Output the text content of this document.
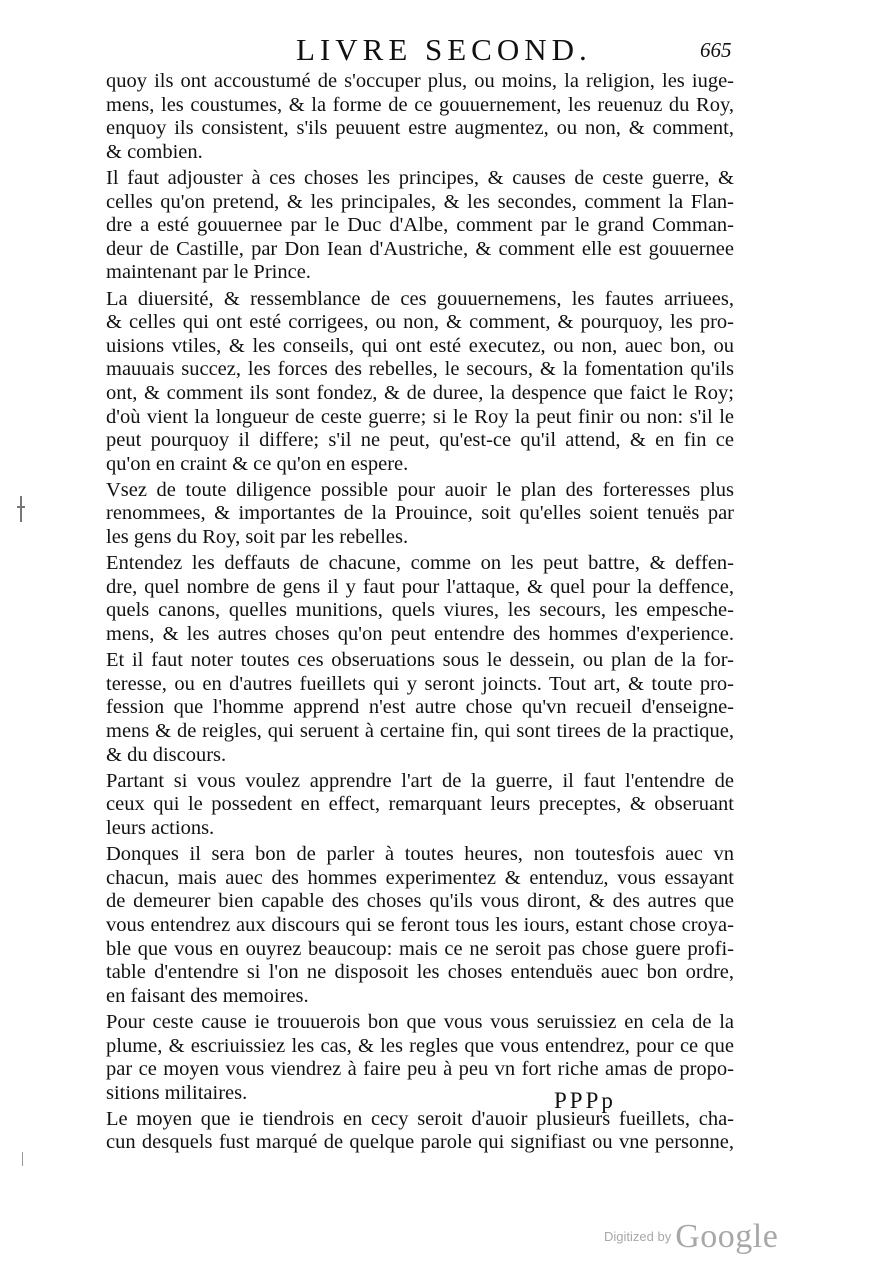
LIVRE SECOND.	665
quoy ils ont accoustumé de s'occuper plus, ou moins, la religion, les iuge-
mens, les coustumes, & la forme de ce gouuernement, les reuenuz du Roy,
enquoy ils consistent, s'ils peuuent estre augmentez, ou non, & comment,
& combien.
Il faut adjouster à ces choses les principes, & causes de ceste guerre, &
celles qu'on pretend, & les principales, & les secondes, comment la Flan-
dre a esté gouuernee par le Duc d'Albe, comment par le grand Comman-
deur de Castille, par Don Iean d'Austriche, & comment elle est gouuernee
maintenant par le Prince.
La diuersité, & ressemblance de ces gouuernemens, les fautes arriuees,
& celles qui ont esté corrigees, ou non, & comment, & pourquoy, les pro-
uisions vtiles, & les conseils, qui ont esté executez, ou non, auec bon, ou
mauuais succez, les forces des rebelles, le secours, & la fomentation qu'ils
ont, & comment ils sont fondez, & de duree, la despence que faict le Roy;
d'où vient la longueur de ceste guerre; si le Roy la peut finir ou non: s'il le
peut pourquoy il differe; s'il ne peut, qu'est-ce qu'il attend, & en fin ce
qu'on en craint & ce qu'on en espere.
Vsez de toute diligence possible pour auoir le plan des forteresses plus
renommees, & importantes de la Prouince, soit qu'elles soient tenuës par
les gens du Roy, soit par les rebelles.
Entendez les deffauts de chacune, comme on les peut battre, & deffen-
dre, quel nombre de gens il y faut pour l'attaque, & quel pour la deffence,
quels canons, quelles munitions, quels viures, les secours, les empesche-
mens, & les autres choses qu'on peut entendre des hommes d'experience.
Et il faut noter toutes ces obseruations sous le dessein, ou plan de la for-
teresse, ou en d'autres fueillets qui y seront joincts. Tout art, & toute pro-
fession que l'homme apprend n'est autre chose qu'vn recueil d'enseigne-
mens & de reigles, qui seruent à certaine fin, qui sont tirees de la practique,
& du discours.
Partant si vous voulez apprendre l'art de la guerre, il faut l'entendre de
ceux qui le possedent en effect, remarquant leurs preceptes, & obseruant
leurs actions.
Donques il sera bon de parler à toutes heures, non toutesfois auec vn
chacun, mais auec des hommes experimentez & entenduz, vous essayant
de demeurer bien capable des choses qu'ils vous diront, & des autres que
vous entendrez aux discours qui se feront tous les iours, estant chose croya-
ble que vous en ouyrez beaucoup: mais ce ne seroit pas chose guere profi-
table d'entendre si l'on ne disposoit les choses entenduës auec bon ordre,
en faisant des memoires.
Pour ceste cause ie trouuerois bon que vous vous seruissiez en cela de la
plume, & escriuissiez les cas, & les regles que vous entendrez, pour ce que
par ce moyen vous viendrez à faire peu à peu vn fort riche amas de propo-
sitions militaires.
Le moyen que ie tiendrois en cecy seroit d'auoir plusieurs fueillets, cha-
cun desquels fust marqué de quelque parole qui signifiast ou vne personne,
PPPp
$^{Digitized by}$ Google
